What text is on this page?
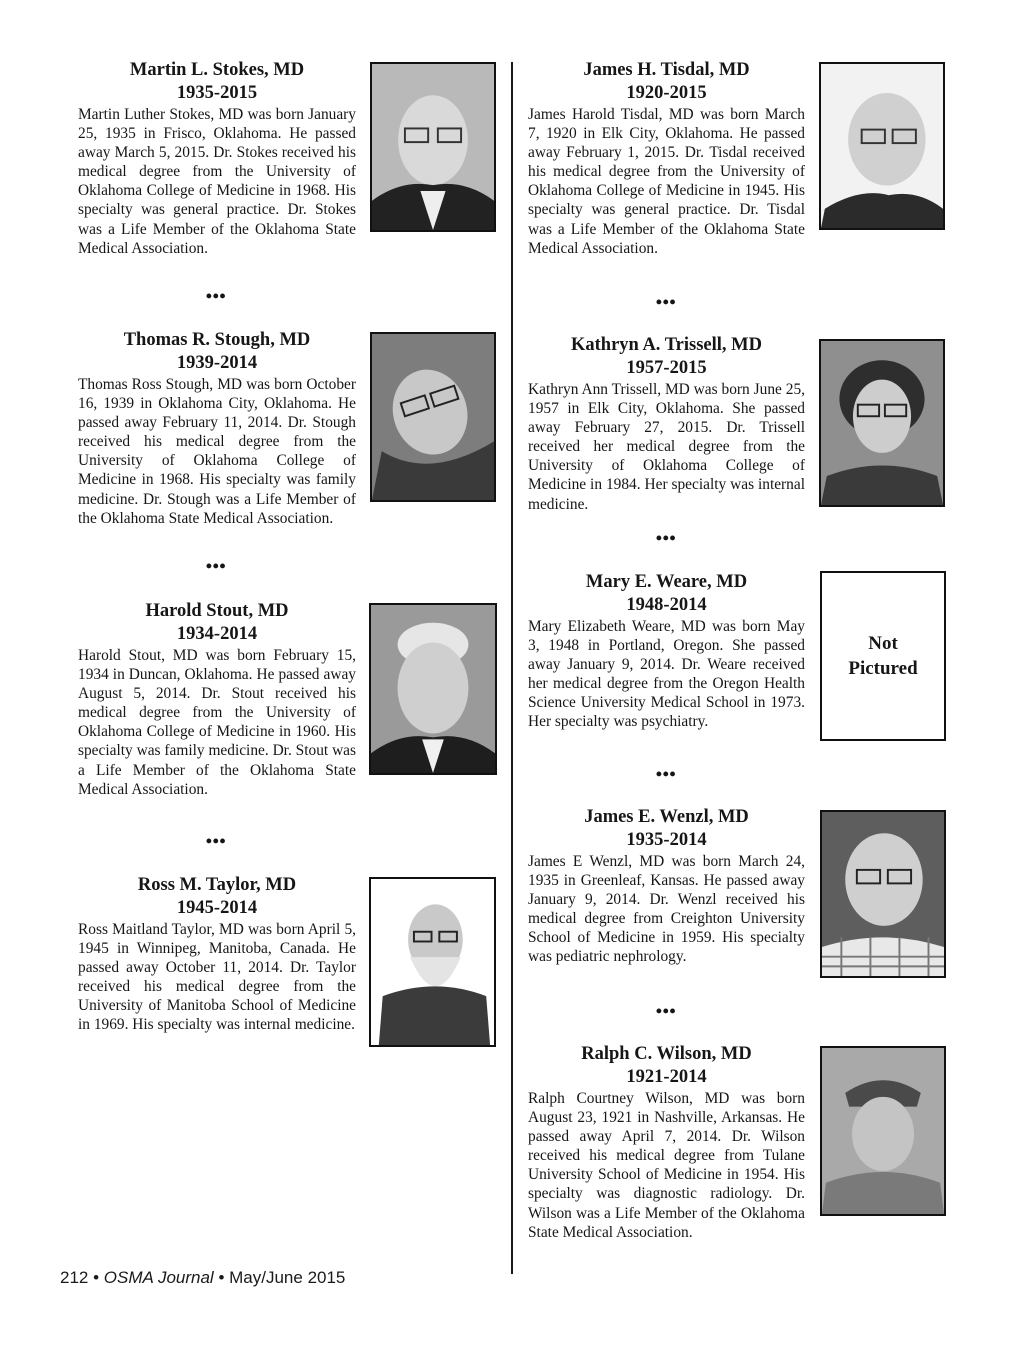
Martin L. Stokes, MD

1935-2015

Martin Luther Stokes, MD was born January 25, 1935 in Frisco, Oklahoma. He passed away March 5, 2015. Dr. Stokes received his medical degree from the University of Oklahoma College of Medicine in 1968. His specialty was general practice. Dr. Stokes was a Life Member of the Oklahoma State Medical Association.

•••

Thomas R. Stough, MD

1939-2014

Thomas Ross Stough, MD was born October 16, 1939 in Oklahoma City, Oklahoma. He passed away February 11, 2014. Dr. Stough received his medical degree from the University of Oklahoma College of Medicine in 1968. His specialty was family medicine. Dr. Stough was a Life Member of the Oklahoma State Medical Association.

•••

Harold Stout, MD

1934-2014

Harold Stout, MD was born February 15, 1934 in Duncan, Oklahoma. He passed away August 5, 2014. Dr. Stout received his medical degree from the University of Oklahoma College of Medicine in 1960. His specialty was family medicine. Dr. Stout was a Life Member of the Oklahoma State Medical Association.

•••

Ross M. Taylor, MD

1945-2014

Ross Maitland Taylor, MD was born April 5, 1945 in Winnipeg, Manitoba, Canada. He passed away October 11, 2014. Dr. Taylor received his medical degree from the University of Manitoba School of Medicine in 1969. His specialty was internal medicine.

James H. Tisdal, MD

1920-2015

James Harold Tisdal, MD was born March 7, 1920 in Elk City, Oklahoma. He passed away February 1, 2015. Dr. Tisdal received his medical degree from the University of Oklahoma College of Medicine in 1945. His specialty was general practice. Dr. Tisdal was a Life Member of the Oklahoma State Medical Association.

•••

Kathryn A. Trissell, MD

1957-2015

Kathryn Ann Trissell, MD was born June 25, 1957 in Elk City, Oklahoma. She passed away February 27, 2015. Dr. Trissell received her medical degree from the University of Oklahoma College of Medicine in 1984. Her specialty was internal medicine.

•••

Mary E. Weare, MD

1948-2014

Mary Elizabeth Weare, MD was born May 3, 1948 in Portland, Oregon. She passed away January 9, 2014. Dr. Weare received her medical degree from the Oregon Health Science University Medical School in 1973. Her specialty was psychiatry.

Not
Pictured
•••

James E. Wenzl, MD

1935-2014

James E Wenzl, MD was born March 24, 1935 in Greenleaf, Kansas. He passed away January 9, 2014. Dr. Wenzl received his medical degree from Creighton University School of Medicine in 1959. His specialty was pediatric nephrology.

•••

Ralph C. Wilson, MD

1921-2014

Ralph Courtney Wilson, MD was born August 23, 1921 in Nashville, Arkansas. He passed away April 7, 2014. Dr. Wilson received his medical degree from Tulane University School of Medicine in 1954. His specialty was diagnostic radiology. Dr. Wilson was a Life Member of the Oklahoma State Medical Association.

212 • OSMA Journal • May/June 2015
